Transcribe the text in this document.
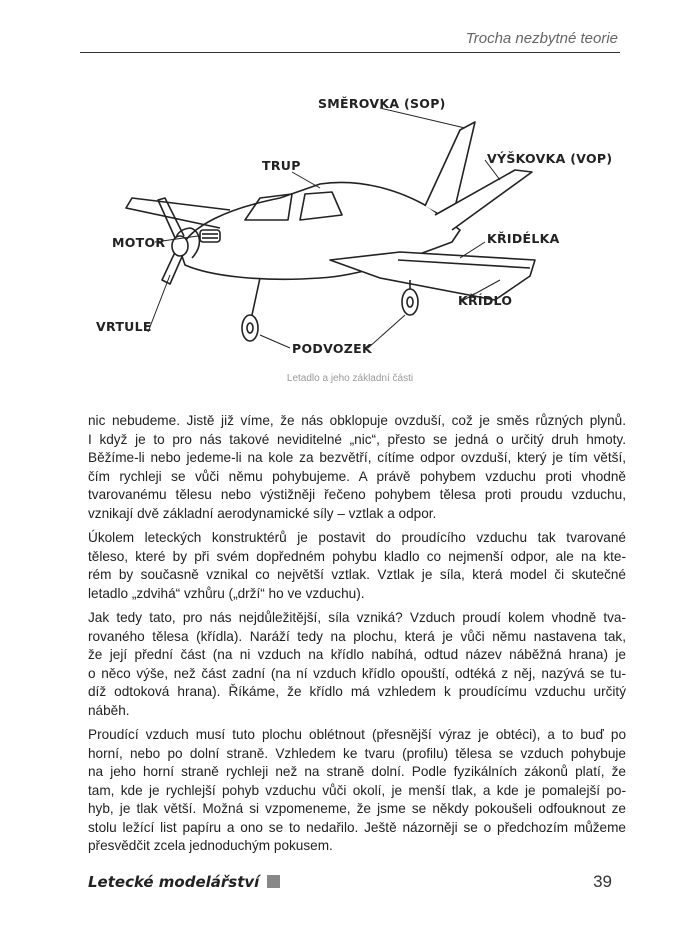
Trocha nezbytné teorie
SMĚROVKA (SOP)
TRUP	VÝŠKOVKA (VOP)
MOTOR	KŘIDÉLKA
KŘÍDLO
VRTULE
PODVOZEK
Letadlo a jeho základní části
nic nebudeme. Jistě již víme, že nás obklopuje ovzduší, což je směs různých plynů.
I když je to pro nás takové neviditelné „nic“, přesto se jedná o určitý druh hmoty.
Běžíme-li nebo jedeme-li na kole za bezvětří, cítíme odpor ovzduší, který je tím větší,
čím rychleji se vůči němu pohybujeme. A právě pohybem vzduchu proti vhodně
tvarovanému tělesu nebo výstižněji řečeno pohybem tělesa proti proudu vzduchu,
vznikají dvě základní aerodynamické síly – vztlak a odpor.
Úkolem leteckých konstruktérů je postavit do proudícího vzduchu tak tvarované
těleso, které by při svém dopředném pohybu kladlo co nejmenší odpor, ale na kte-
rém by současně vznikal co největší vztlak. Vztlak je síla, která model či skutečné
letadlo „zdvihá“ vzhůru („drží“ ho ve vzduchu).
Jak tedy tato, pro nás nejdůležitější, síla vzniká? Vzduch proudí kolem vhodně tva-
rovaného tělesa (křídla). Naráží tedy na plochu, která je vůči němu nastavena tak,
že její přední část (na ni vzduch na křídlo nabíhá, odtud název náběžná hrana) je
o něco výše, než část zadní (na ní vzduch křídlo opouští, odtéká z něj, nazývá se tu-
díž odtoková hrana). Říkáme, že křídlo má vzhledem k proudícímu vzduchu určitý
náběh.
Proudící vzduch musí tuto plochu oblétnout (přesnější výraz je obtéci), a to buď po
horní, nebo po dolní straně. Vzhledem ke tvaru (profilu) tělesa se vzduch pohybuje
na jeho horní straně rychleji než na straně dolní. Podle fyzikálních zákonů platí, že
tam, kde je rychlejší pohyb vzduchu vůči okolí, je menší tlak, a kde je pomalejší po-
hyb, je tlak větší. Možná si vzpomeneme, že jsme se někdy pokoušeli odfouknout ze
stolu ležící list papíru a ono se to nedařilo. Ještě názorněji se o předchozím můžeme
přesvědčit zcela jednoduchým pokusem.
Letecké modelářství	39
